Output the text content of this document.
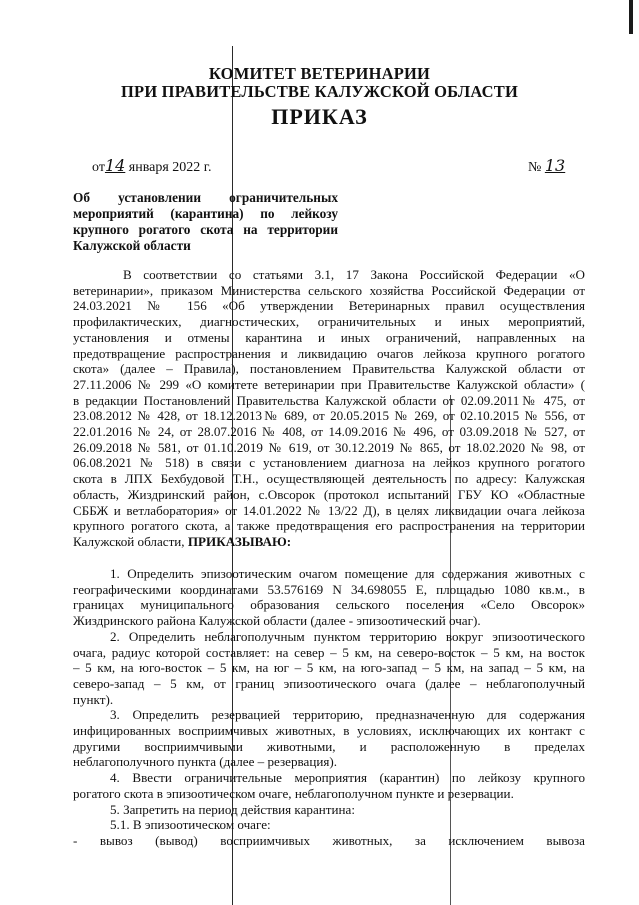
КОМИТЕТ ВЕТЕРИНАРИИ
ПРИ ПРАВИТЕЛЬСТВЕ КАЛУЖСКОЙ ОБЛАСТИ
ПРИКАЗ
от14 января 2022 г.	№ 13
Об установлении ограничительных
мероприятий (карантина) по лейкозу
крупного рогатого скота на территории
Калужской области
В соответствии со статьями 3.1, 17 Закона Российской Федерации «О
ветеринарии», приказом Министерства сельского хозяйства Российской Федерации от
24.03.2021 № 156 «Об утверждении Ветеринарных правил осуществления
профилактических, диагностических, ограничительных и иных мероприятий,
установления и отмены карантина и иных ограничений, направленных на
предотвращение распространения и ликвидацию очагов лейкоза крупного рогатого
скота» (далее – Правила), постановлением Правительства Калужской области от
27.11.2006 № 299 «О комитете ветеринарии при Правительстве Калужской области» (
в редакции Постановлений Правительства Калужской области от 02.09.2011№ 475, от
23.08.2012 № 428, от 18.12.2013№ 689, от 20.05.2015 № 269, от 02.10.2015 № 556, от
22.01.2016 № 24, от 28.07.2016 № 408, от 14.09.2016 № 496, от 03.09.2018 № 527, от
26.09.2018 № 581, от 01.10.2019 № 619, от 30.12.2019 № 865, от 18.02.2020 № 98, от
06.08.2021 № 518) в связи с установлением диагноза на лейкоз крупного рогатого
скота в ЛПХ Бехбудовой Т.Н., осуществляющей деятельность по адресу: Калужская
область, Жиздринский район, с.Овсорок (протокол испытаний ГБУ КО «Областные
СББЖ и ветлаборатория» от 14.01.2022 № 13/22 Д), в целях ликвидации очага лейкоза
крупного рогатого скота, а также предотвращения его распространения на территории
Калужской области, ПРИКАЗЫВАЮ:
1. Определить эпизоотическим очагом помещение для содержания животных с
географическими координатами 53.576169 N 34.698055 E, площадью 1080 кв.м., в
границах муниципального образования сельского поселения «Село Овсорок»
Жиздринского района Калужской области (далее - эпизоотический очаг).
2. Определить неблагополучным пунктом территорию вокруг эпизоотического
очага, радиус которой составляет: на север – 5 км, на северо-восток – 5 км, на восток
– 5 км, на юго-восток – 5 км, на юг – 5 км, на юго-запад – 5 км, на запад – 5 км, на
северо-запад – 5 км, от границ эпизоотического очага (далее – неблагополучный
пункт).
3. Определить резервацией территорию, предназначенную для содержания
инфицированных восприимчивых животных, в условиях, исключающих их контакт с
другими восприимчивыми животными, и расположенную в пределах
неблагополучного пункта (далее – резервация).
4. Ввести ограничительные мероприятия (карантин) по лейкозу крупного
рогатого скота в эпизоотическом очаге, неблагополучном пункте и резервации.
5. Запретить на период действия карантина:
5.1. В эпизоотическом очаге:
- вывоз (вывод) восприимчивых животных, за исключением вывоза
